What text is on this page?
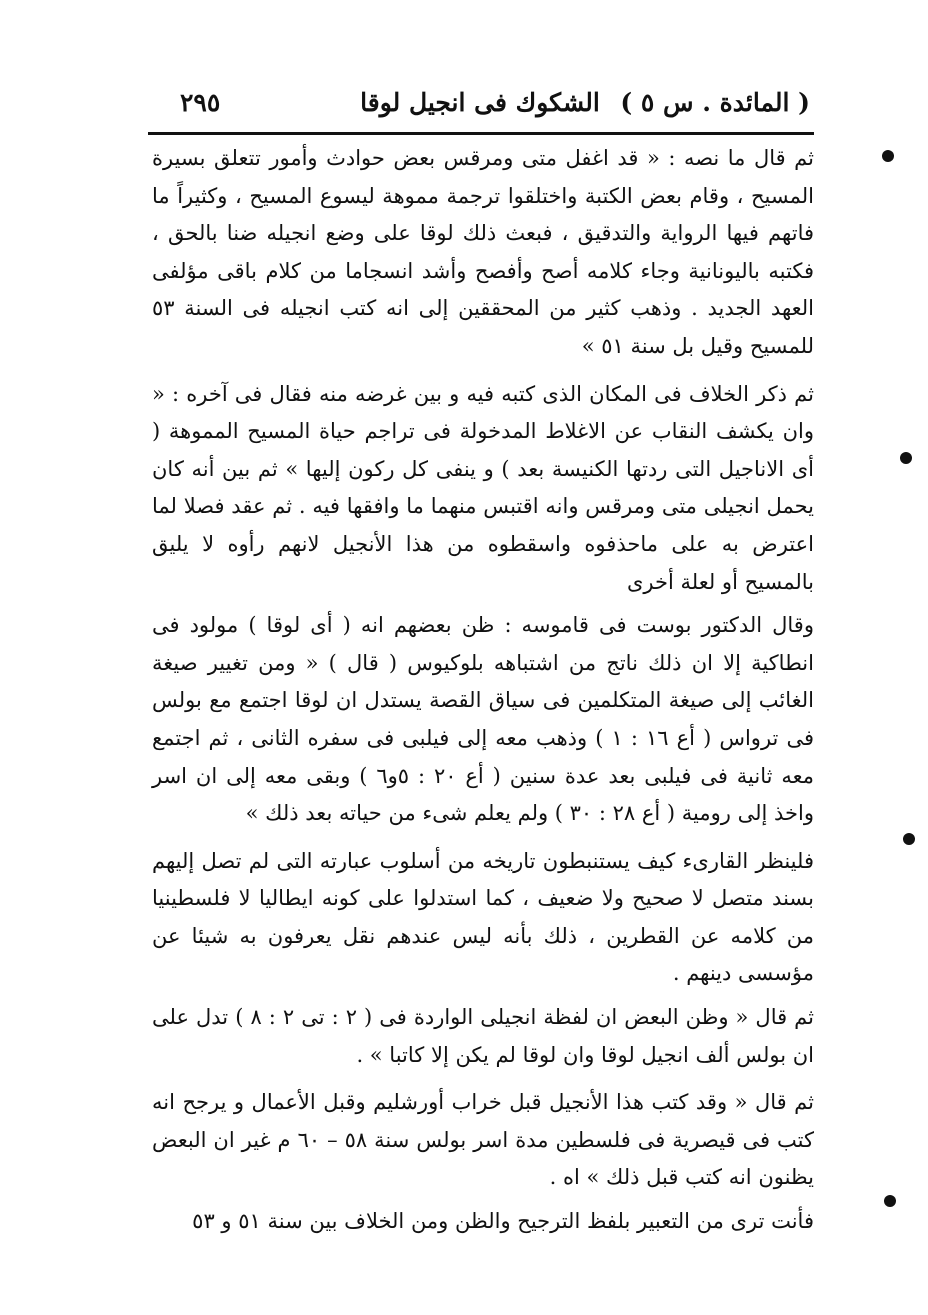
( المائدة . س ٥ )
الشكوك فى انجيل لوقا
٢٩٥

ثم قال ما نصه : « قد اغفل متى ومرقس بعض حوادث وأمور تتعلق بسيرة المسيح ، وقام بعض الكتبة واختلقوا ترجمة مموهة ليسوع المسيح ، وكثيراً ما فاتهم فيها الرواية والتدقيق ، فبعث ذلك لوقا على وضع انجيله ضنا بالحق ، فكتبه باليونانية وجاء كلامه أصح وأفصح وأشد انسجاما من كلام باقى مؤلفى العهد الجديد . وذهب كثير من المحققين إلى انه كتب انجيله فى السنة ٥٣ للمسيح وقيل بل سنة ٥١ »

ثم ذكر الخلاف فى المكان الذى كتبه فيه و بين غرضه منه فقال فى آخره : « وان يكشف النقاب عن الاغلاط المدخولة فى تراجم حياة المسيح المموهة ( أى الاناجيل التى ردتها الكنيسة بعد ) و ينفى كل ركون إليها » ثم بين أنه كان يحمل انجيلى متى ومرقس وانه اقتبس منهما ما وافقها فيه . ثم عقد فصلا لما اعترض به على ماحذفوه واسقطوه من هذا الأنجيل لانهم رأوه لا يليق بالمسيح أو لعلة أخرى

وقال الدكتور بوست فى قاموسه : ظن بعضهم انه ( أى لوقا ) مولود فى انطاكية إلا ان ذلك ناتج من اشتباهه بلوكيوس ( قال ) « ومن تغيير صيغة الغائب إلى صيغة المتكلمين فى سياق القصة يستدل ان لوقا اجتمع مع بولس فى ترواس ( أع ١٦ : ١ ) وذهب معه إلى فيلبى فى سفره الثانى ، ثم اجتمع معه ثانية فى فيلبى بعد عدة سنين ( أع ٢٠ : ٥و٦ ) وبقى معه إلى ان اسر واخذ إلى رومية ( أع ٢٨ : ٣٠ ) ولم يعلم شىء من حياته بعد ذلك »

فلينظر القارىء كيف يستنبطون تاريخه من أسلوب عبارته التى لم تصل إليهم بسند متصل لا صحيح ولا ضعيف ، كما استدلوا على كونه ايطاليا لا فلسطينيا من كلامه عن القطرين ، ذلك بأنه ليس عندهم نقل يعرفون به شيئا عن مؤسسى دينهم .

ثم قال « وظن البعض ان لفظة انجيلى الواردة فى ( ٢ : تى ٢ : ٨ ) تدل على ان بولس ألف انجيل لوقا وان لوقا لم يكن إلا كاتبا » .

ثم قال « وقد كتب هذا الأنجيل قبل خراب أورشليم وقبل الأعمال و يرجح انه كتب فى قيصرية فى فلسطين مدة اسر بولس سنة ٥٨ – ٦٠ م غير ان البعض يظنون انه كتب قبل ذلك » اه .

فأنت ترى من التعبير بلفظ الترجيح والظن ومن الخلاف بين سنة ٥١ و ٥٣
